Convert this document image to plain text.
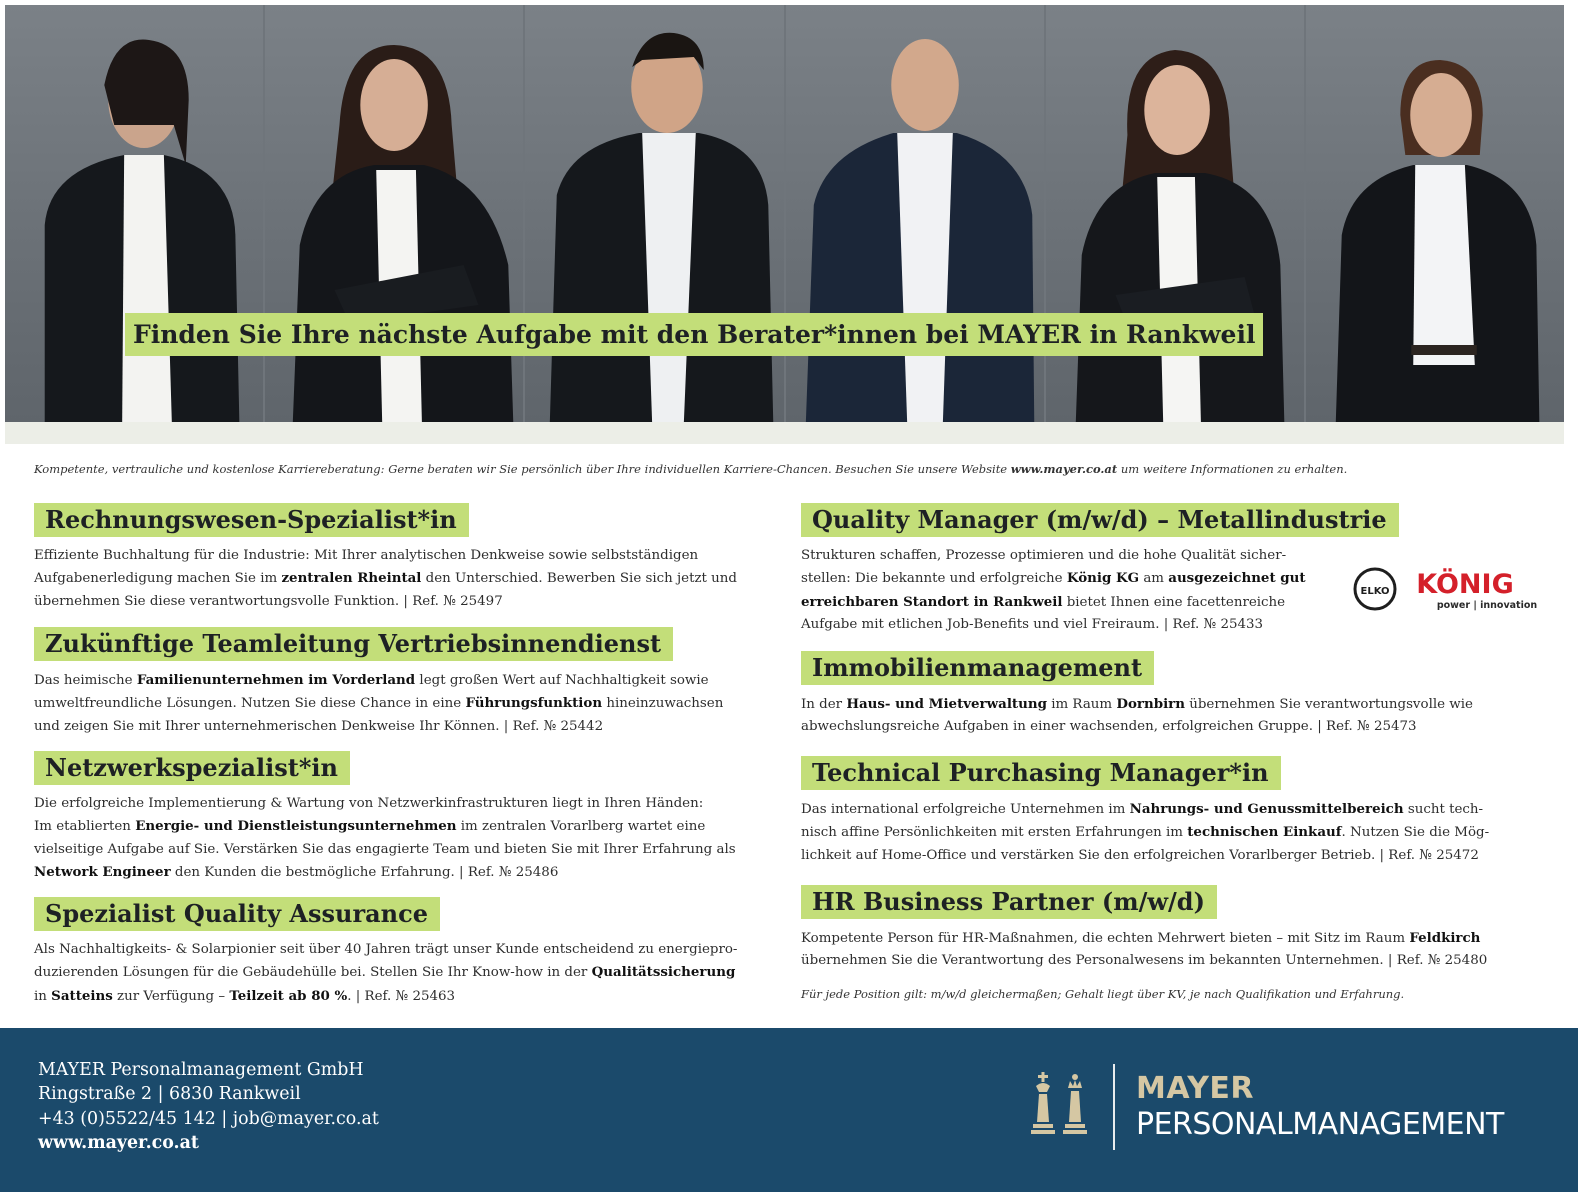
Finden Sie Ihre nächste Aufgabe mit den Berater*innen bei MAYER in Rankweil
Kompetente, vertrauliche und kostenlose Karriereberatung: Gerne beraten wir Sie persönlich über Ihre individuellen Karriere-Chancen. Besuchen Sie unsere Website www.mayer.co.at um weitere Informationen zu erhalten.
Rechnungswesen-Spezialist*in
Effiziente Buchhaltung für die Industrie: Mit Ihrer analytischen Denkweise sowie selbstständigen
Aufgabenerledigung machen Sie im zentralen Rheintal den Unterschied. Bewerben Sie sich jetzt und
übernehmen Sie diese verantwortungsvolle Funktion. | Ref. № 25497
Zukünftige Teamleitung Vertriebsinnendienst
Das heimische Familienunternehmen im Vorderland legt großen Wert auf Nachhaltigkeit sowie
umweltfreundliche Lösungen. Nutzen Sie diese Chance in eine Führungsfunktion hineinzuwachsen
und zeigen Sie mit Ihrer unternehmerischen Denkweise Ihr Können. | Ref. № 25442
Netzwerkspezialist*in
Die erfolgreiche Implementierung & Wartung von Netzwerkinfrastrukturen liegt in Ihren Händen:
Im etablierten Energie- und Dienstleistungsunternehmen im zentralen Vorarlberg wartet eine
vielseitige Aufgabe auf Sie. Verstärken Sie das engagierte Team und bieten Sie mit Ihrer Erfahrung als
Network Engineer den Kunden die bestmögliche Erfahrung. | Ref. № 25486
Spezialist Quality Assurance
Als Nachhaltigkeits- & Solarpionier seit über 40 Jahren trägt unser Kunde entscheidend zu energiepro-
duzierenden Lösungen für die Gebäudehülle bei. Stellen Sie Ihr Know-how in der Qualitätssicherung
in Satteins zur Verfügung – Teilzeit ab 80 %. | Ref. № 25463
Quality Manager (m/w/d) – Metallindustrie
Strukturen schaffen, Prozesse optimieren und die hohe Qualität sicher-
stellen: Die bekannte und erfolgreiche König KG am ausgezeichnet gut
erreichbaren Standort in Rankweil bietet Ihnen eine facettenreiche
Aufgabe mit etlichen Job-Benefits und viel Freiraum. | Ref. № 25433
ELKO KÖNIG
power | innovation
Immobilienmanagement
In der Haus- und Mietverwaltung im Raum Dornbirn übernehmen Sie verantwortungsvolle wie
abwechslungsreiche Aufgaben in einer wachsenden, erfolgreichen Gruppe. | Ref. № 25473
Technical Purchasing Manager*in
Das international erfolgreiche Unternehmen im Nahrungs- und Genussmittelbereich sucht tech-
nisch affine Persönlichkeiten mit ersten Erfahrungen im technischen Einkauf. Nutzen Sie die Mög-
lichkeit auf Home-Office und verstärken Sie den erfolgreichen Vorarlberger Betrieb. | Ref. № 25472
HR Business Partner (m/w/d)
Kompetente Person für HR-Maßnahmen, die echten Mehrwert bieten – mit Sitz im Raum Feldkirch
übernehmen Sie die Verantwortung des Personalwesens im bekannten Unternehmen. | Ref. № 25480
Für jede Position gilt: m/w/d gleichermaßen; Gehalt liegt über KV, je nach Qualifikation und Erfahrung.
MAYER Personalmanagement GmbH
Ringstraße 2 | 6830 Rankweil
+43 (0)5522/45 142 | job@mayer.co.at
www.mayer.co.at
MAYER
PERSONALMANAGEMENT
